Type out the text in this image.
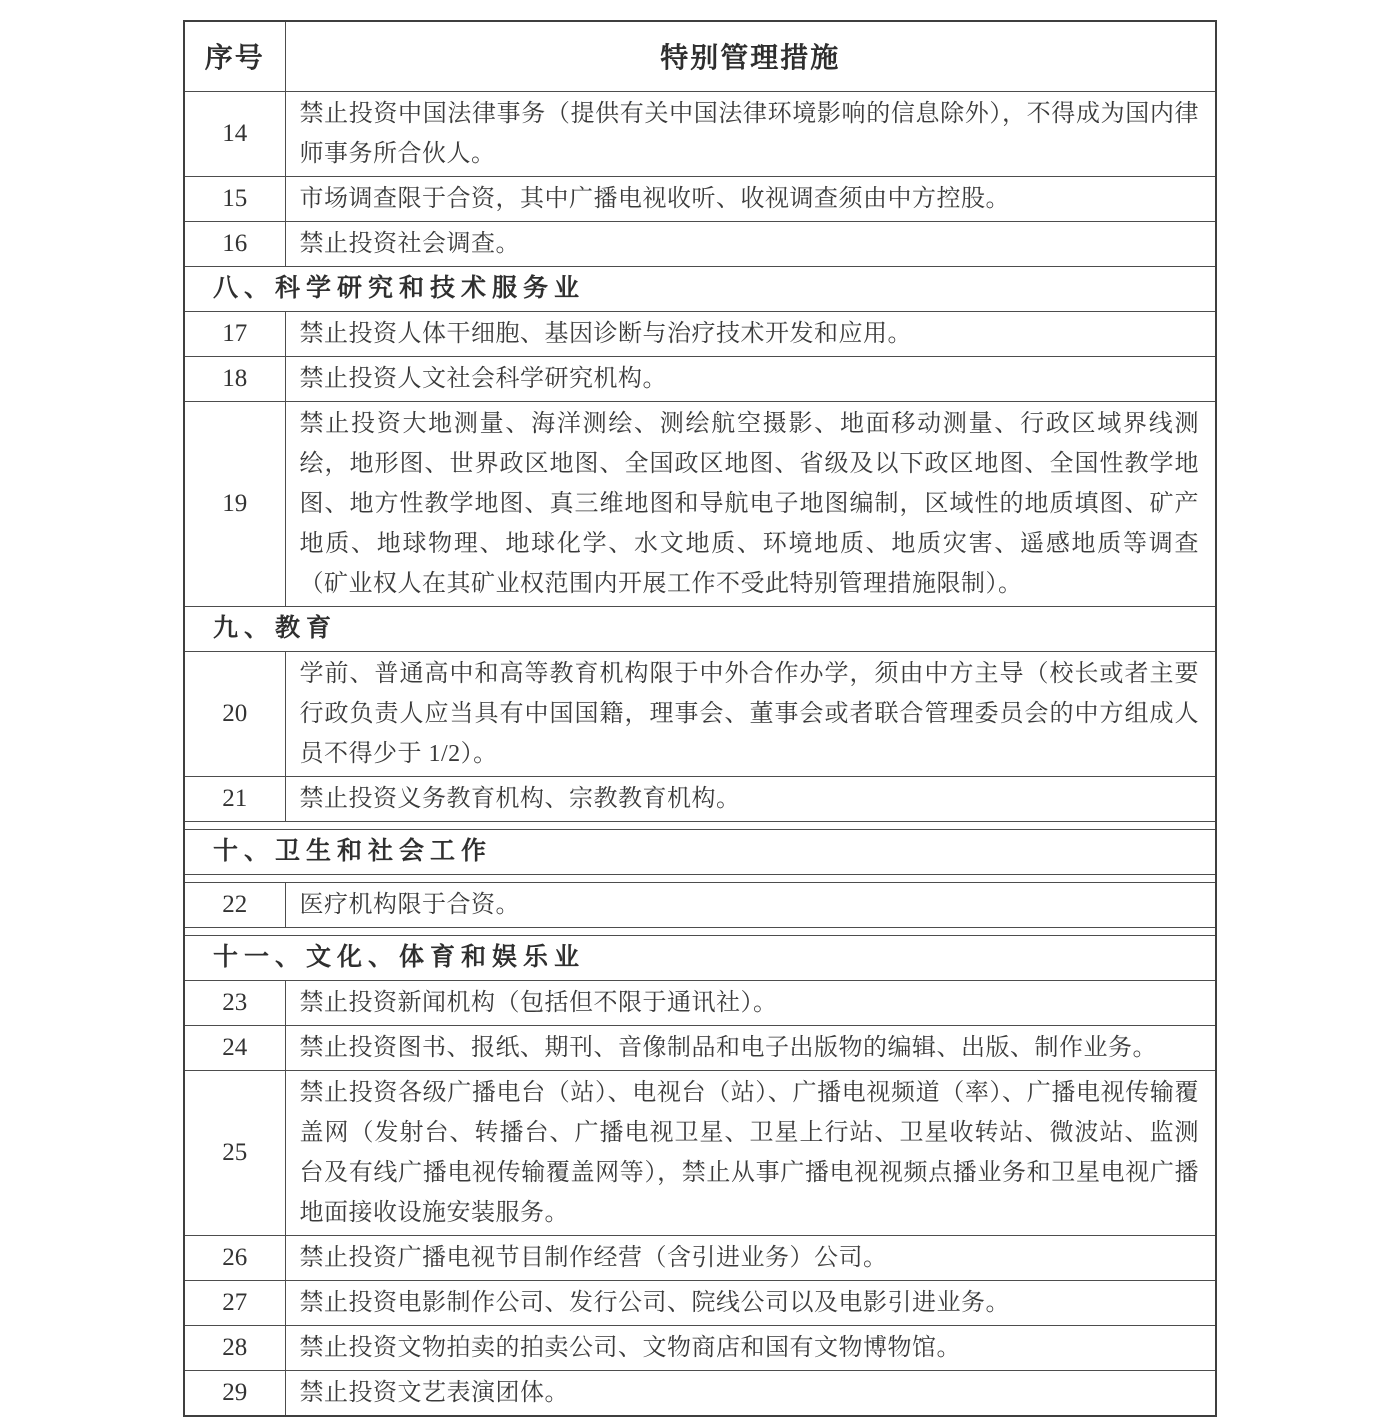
序号	特别管理措施
14	禁止投资中国法律事务（提供有关中国法律环境影响的信息除外），不得成为国内律师事务所合伙人。
15	市场调查限于合资，其中广播电视收听、收视调查须由中方控股。
16	禁止投资社会调查。
八、科学研究和技术服务业	
17	禁止投资人体干细胞、基因诊断与治疗技术开发和应用。
18	禁止投资人文社会科学研究机构。
19	禁止投资大地测量、海洋测绘、测绘航空摄影、地面移动测量、行政区域界线测绘，地形图、世界政区地图、全国政区地图、省级及以下政区地图、全国性教学地图、地方性教学地图、真三维地图和导航电子地图编制，区域性的地质填图、矿产地质、地球物理、地球化学、水文地质、环境地质、地质灾害、遥感地质等调查（矿业权人在其矿业权范围内开展工作不受此特别管理措施限制）。
九、教育	
20	学前、普通高中和高等教育机构限于中外合作办学，须由中方主导（校长或者主要行政负责人应当具有中国国籍，理事会、董事会或者联合管理委员会的中方组成人员不得少于 1/2）。
21	禁止投资义务教育机构、宗教教育机构。

十、卫生和社会工作	

22	医疗机构限于合资。

十一、文化、体育和娱乐业	
23	禁止投资新闻机构（包括但不限于通讯社）。
24	禁止投资图书、报纸、期刊、音像制品和电子出版物的编辑、出版、制作业务。
25	禁止投资各级广播电台（站）、电视台（站）、广播电视频道（率）、广播电视传输覆盖网（发射台、转播台、广播电视卫星、卫星上行站、卫星收转站、微波站、监测台及有线广播电视传输覆盖网等），禁止从事广播电视视频点播业务和卫星电视广播地面接收设施安装服务。
26	禁止投资广播电视节目制作经营（含引进业务）公司。
27	禁止投资电影制作公司、发行公司、院线公司以及电影引进业务。
28	禁止投资文物拍卖的拍卖公司、文物商店和国有文物博物馆。
29	禁止投资文艺表演团体。
